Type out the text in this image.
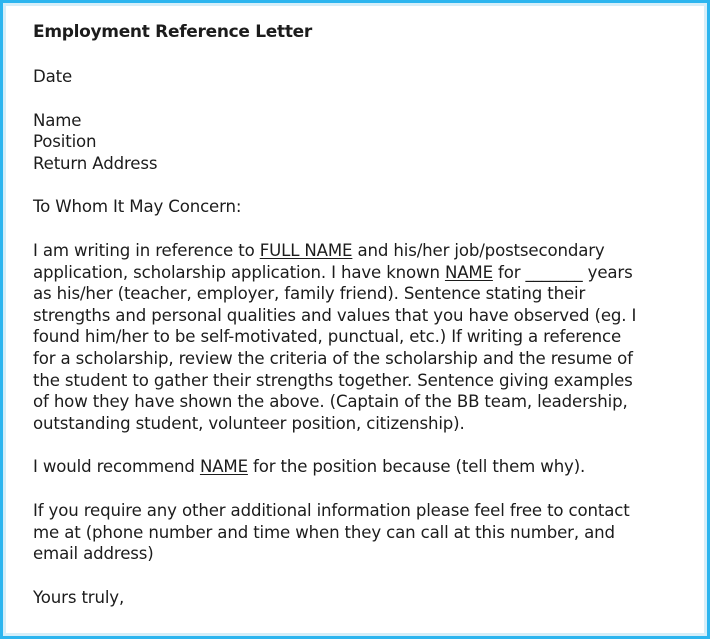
Employment Reference Letter
Date
Name
Position
Return Address
To Whom It May Concern:
I am writing in reference to FULL NAME and his/her job/postsecondary
application, scholarship application. I have known NAME for _______ years
as his/her (teacher, employer, family friend). Sentence stating their
strengths and personal qualities and values that you have observed (eg. I
found him/her to be self-motivated, punctual, etc.) If writing a reference
for a scholarship, review the criteria of the scholarship and the resume of
the student to gather their strengths together. Sentence giving examples
of how they have shown the above. (Captain of the BB team, leadership,
outstanding student, volunteer position, citizenship).
I would recommend NAME for the position because (tell them why).
If you require any other additional information please feel free to contact
me at (phone number and time when they can call at this number, and
email address)
Yours truly,
